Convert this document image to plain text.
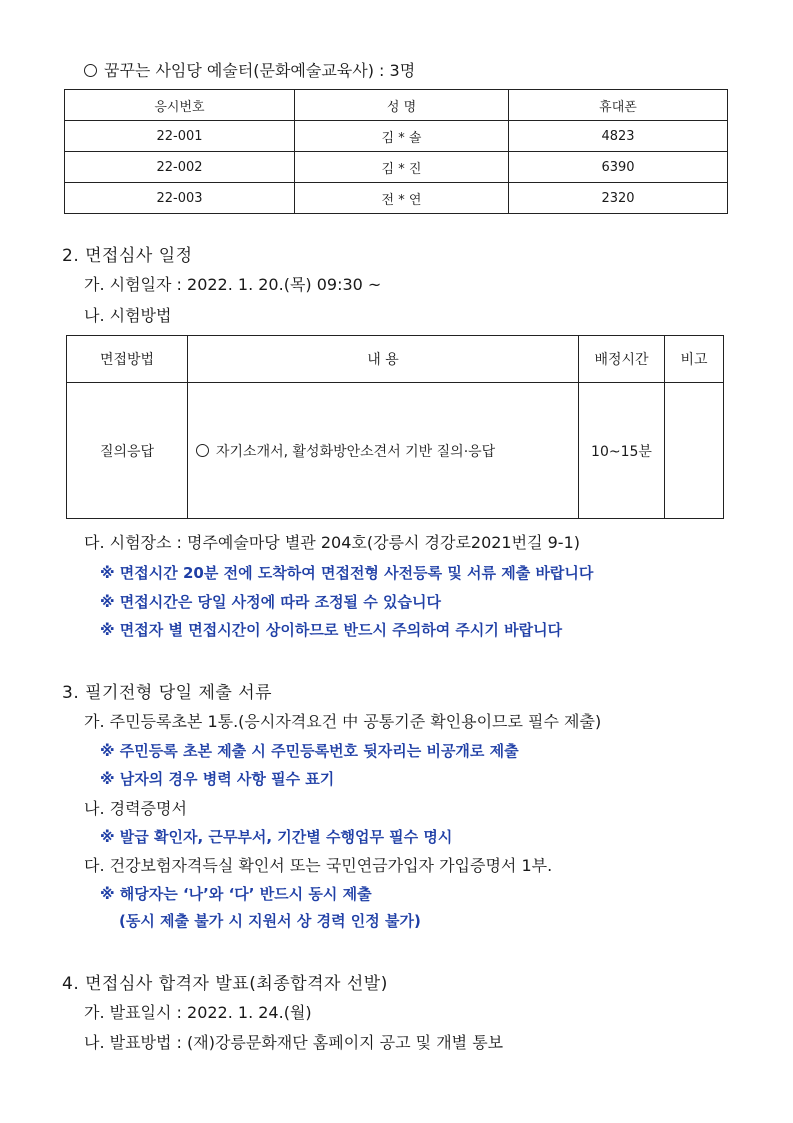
꿈꾸는 사임당 예술터(문화예술교육사) : 3명
응시번호	성 명	휴대폰
22-001	김 * 솔	4823
22-002	김 * 진	6390
22-003	전 * 연	2320
2. 면접심사 일정
가. 시험일자 : 2022. 1. 20.(목) 09:30 ~
나. 시험방법
면접방법	내 용	배정시간	비고
질의응답	자기소개서, 활성화방안소견서 기반 질의·응답	10~15분	
다. 시험장소 : 명주예술마당 별관 204호(강릉시 경강로2021번길 9-1)
※ 면접시간 20분 전에 도착하여 면접전형 사전등록 및 서류 제출 바랍니다
※ 면접시간은 당일 사정에 따라 조정될 수 있습니다
※ 면접자 별 면접시간이 상이하므로 반드시 주의하여 주시기 바랍니다
3. 필기전형 당일 제출 서류
가. 주민등록초본 1통.(응시자격요건 中 공통기준 확인용이므로 필수 제출)
※ 주민등록 초본 제출 시 주민등록번호 뒷자리는 비공개로 제출
※ 남자의 경우 병력 사항 필수 표기
나. 경력증명서
※ 발급 확인자, 근무부서, 기간별 수행업무 필수 명시
다. 건강보험자격득실 확인서 또는 국민연금가입자 가입증명서 1부.
※ 해당자는 ‘나’와 ‘다’ 반드시 동시 제출
(동시 제출 불가 시 지원서 상 경력 인정 불가)
4. 면접심사 합격자 발표(최종합격자 선발)
가. 발표일시 : 2022. 1. 24.(월)
나. 발표방법 : (재)강릉문화재단 홈페이지 공고 및 개별 통보
